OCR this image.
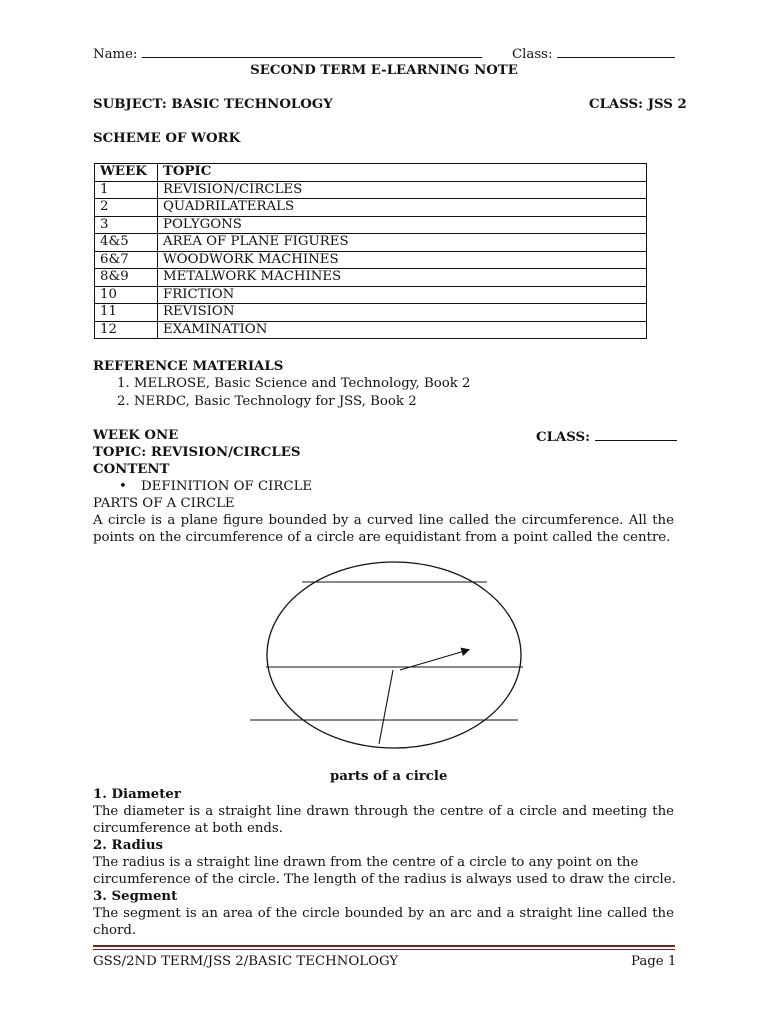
Name:	Class:
SECOND TERM E-LEARNING NOTE
SUBJECT: BASIC TECHNOLOGY	CLASS: JSS 2
SCHEME OF WORK
WEEK	TOPIC
1	REVISION/CIRCLES
2	QUADRILATERALS
3	POLYGONS
4&5	AREA OF PLANE FIGURES
6&7	WOODWORK MACHINES
8&9	METALWORK MACHINES
10	FRICTION
11	REVISION
12	EXAMINATION
REFERENCE MATERIALS
1. MELROSE, Basic Science and Technology, Book 2
2. NERDC, Basic Technology for JSS, Book 2
WEEK ONE	CLASS:
TOPIC: REVISION/CIRCLES
CONTENT
• DEFINITION OF CIRCLE
PARTS OF A CIRCLE
A circle is a plane figure bounded by a curved line called the circumference. All the points on the circumference of a circle are equidistant from a point called the centre.
parts of a circle
1. Diameter
The diameter is a straight line drawn through the centre of a circle and meeting the circumference at both ends.
2. Radius
The radius is a straight line drawn from the centre of a circle to any point on the
circumference of the circle. The length of the radius is always used to draw the circle.
3. Segment
The segment is an area of the circle bounded by an arc and a straight line called the chord.
GSS/2ND TERM/JSS 2/BASIC TECHNOLOGY	Page 1
